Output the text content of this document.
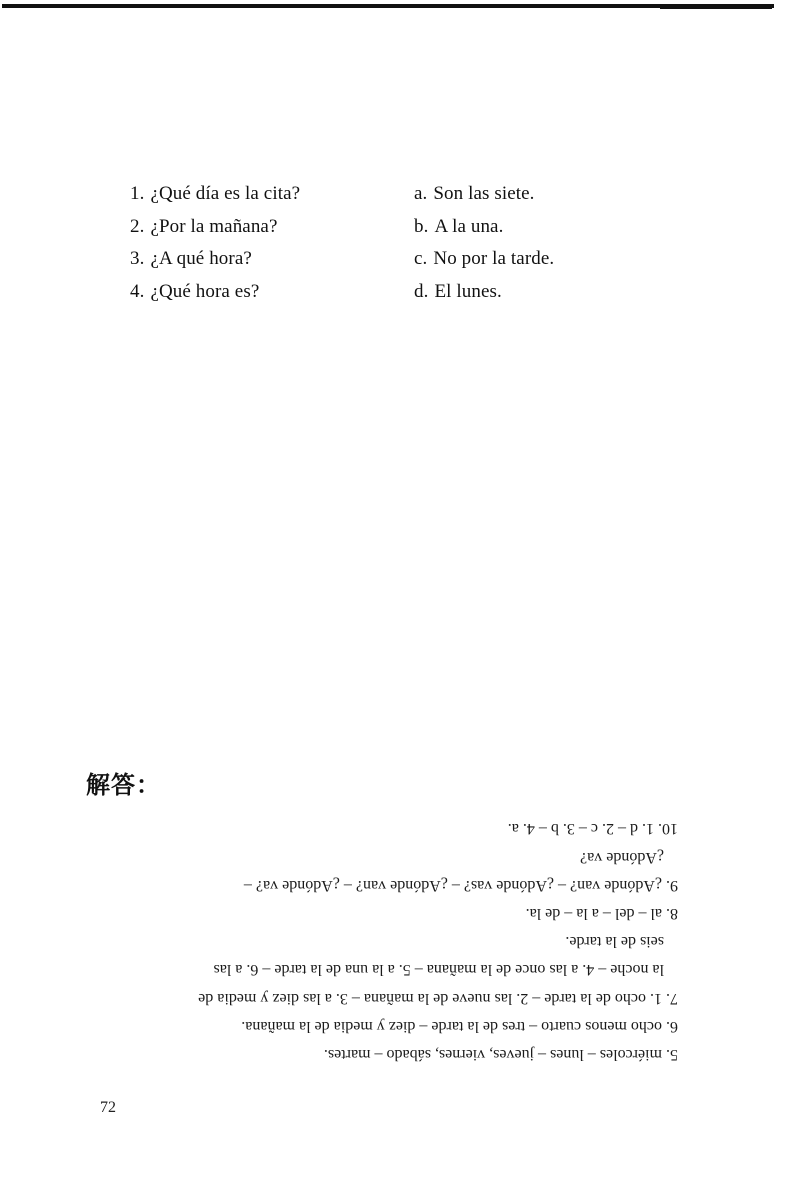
1. ¿Qué día es la cita?	a. Son las siete.
2. ¿Por la mañana?	b. A la una.
3. ¿A qué hora?	c. No por la tarde.
4. ¿Qué hora es?	d. El lunes.
解答：
5. miércoles – lunes – jueves, viernes, sábado – martes.
6. ocho menos cuarto – tres de la tarde – diez y media de la mañana.
7. 1. ocho de la tarde – 2. las nueve de la mañana – 3. a las diez y media de
la noche – 4. a las once de la mañana – 5. a la una de la tarde – 6. a las
seis de la tarde.
8. al – del – a la – de la.
9. ¿Adónde van? – ¿Adónde vas? – ¿Adónde van? – ¿Adónde va? –
¿Adónde va?
10. 1. d – 2. c – 3. b – 4. a.
72
